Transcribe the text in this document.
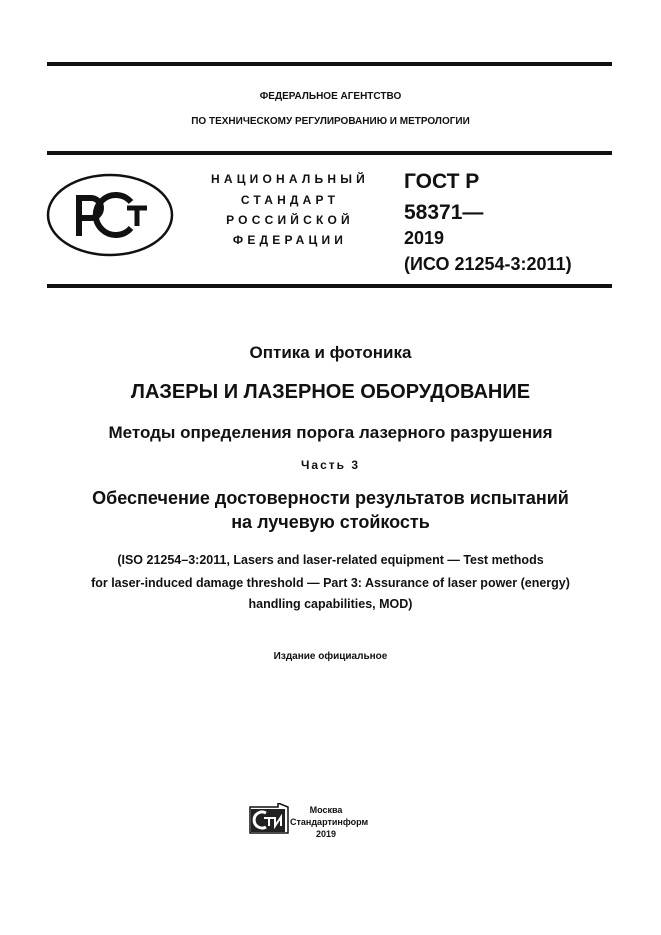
ФЕДЕРАЛЬНОЕ АГЕНТСТВО
ПО ТЕХНИЧЕСКОМУ РЕГУЛИРОВАНИЮ И МЕТРОЛОГИИ
НАЦИОНАЛЬНЫЙ
СТАНДАРТ
РОССИЙСКОЙ
ФЕДЕРАЦИИ
ГОСТ Р
58371—
2019
(ИСО 21254-3:2011)
Оптика и фотоника
ЛАЗЕРЫ И ЛАЗЕРНОЕ ОБОРУДОВАНИЕ
Методы определения порога лазерного разрушения
Часть 3
Обеспечение достоверности результатов испытаний
на лучевую стойкость
(ISO 21254–3:2011, Lasers and laser-related equipment — Test methods
for laser-induced damage threshold — Part 3: Assurance of laser power (energy)
handling capabilities, MOD)
Издание официальное
Москва
Стандартинформ
2019
